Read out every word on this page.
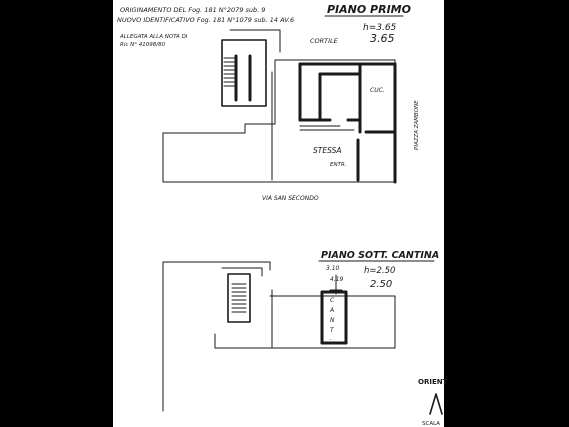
ORIGINAMENTO DEL Fog. 181 N°2079 sub. 9
NUOVO IDENTIFICATIVO Fog. 181 N°1079 sub. 14 AV.6
ALLEGATA ALLA NOTA DI
Ric N° 41098/80
PIANO PRIMO
h=3.65
3.65
CORTILE
CUC.
STESSA
ENTR.
PIAZZA ZAMBONE
VIA SAN SECONDO
PIANO SOTT. CANTINA
h=2.50
2.50
3.10
4.19
C
A
N
T
.
ORIENT
SCALA
